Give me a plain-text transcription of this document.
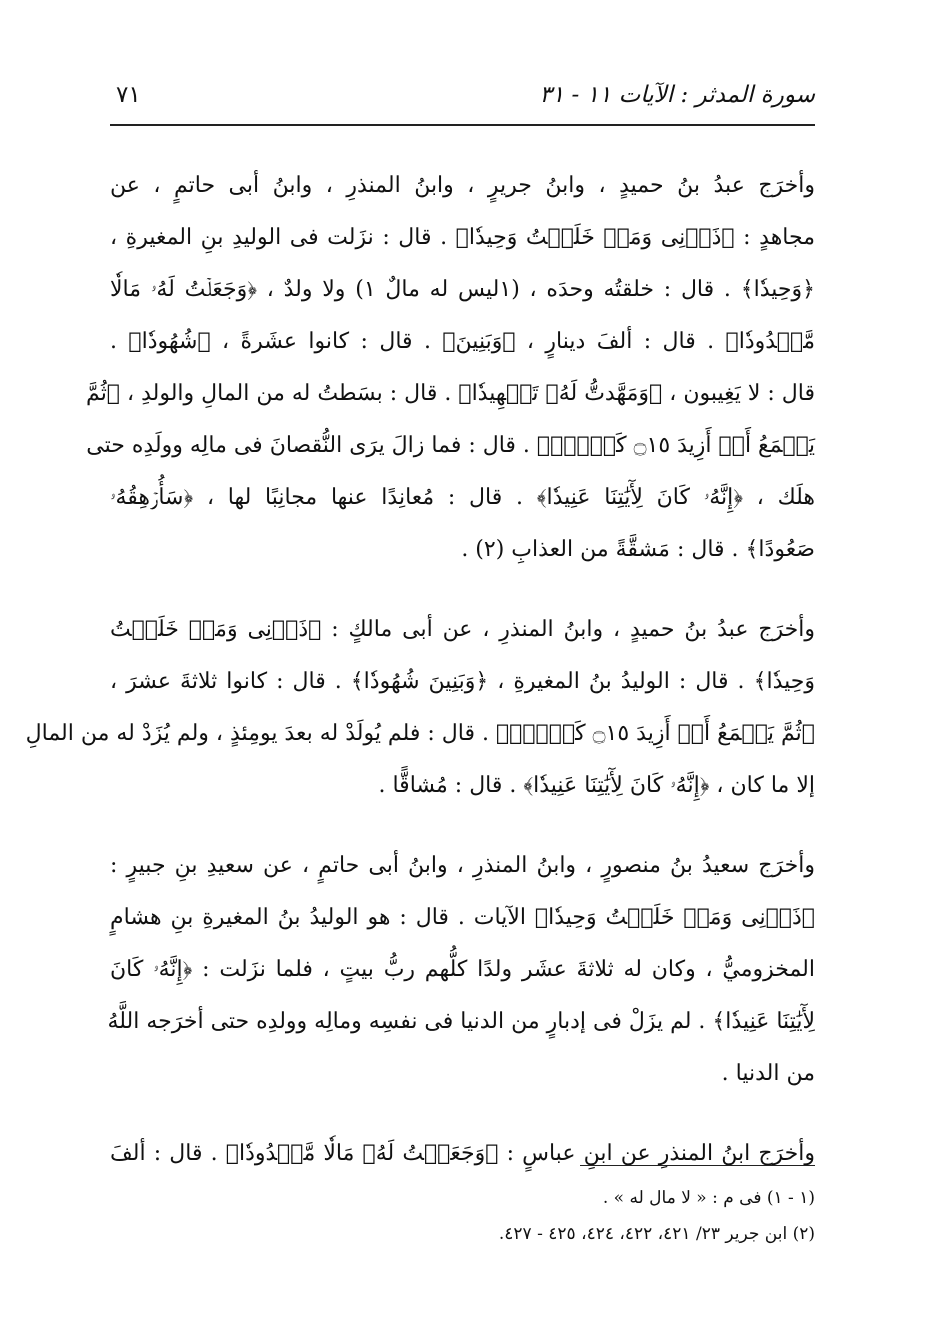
سورة المدثر : الآيات ١١ - ٣١
٧١
وأخرَج عبدُ بنُ حميدٍ ، وابنُ جريرٍ ، وابنُ المنذرِ ، وابنُ أبى حاتمٍ ، عن
مجاهدٍ : ﴿ذَرۡنِى وَمَنۡ خَلَقۡتُ وَحِيدٗا﴾ . قال : نزَلت فى الوليدِ بنِ المغيرةِ ،
﴿وَحِيدٗا﴾ . قال : خلقتُه وحدَه ، (١ليس له مالٌ ١) ولا ولدٌ ، ﴿وَجَعَلۡتُ لَهُۥ مَالٗا
مَّمۡدُودٗا﴾ . قال : ألفَ دينارٍ ، ﴿وَبَنِينَ﴾ . قال : كانوا عشَرةً ، ﴿شُهُودٗا﴾ .
قال : لا يَغِيبون ، ﴿وَمَهَّدتُّ لَهُۥ تَمۡهِيدٗا﴾ . قال : بسَطتُ له من المالِ والولدِ ، ﴿ثُمَّ
يَطۡمَعُ أَنۡ أَزِيدَ ۝١٥ كَلَّآۖ﴾ . قال : فما زالَ يرَى النُّقصانَ فى مالِه وولَدِه حتى
هلَك ، ﴿إِنَّهُۥ كَانَ لِأٓيَٰتِنَا عَنِيدٗا﴾ . قال : مُعانِدًا عنها مجانِبًا لها ، ﴿سَأُرۡهِقُهُۥ
صَعُودًا﴾ . قال : مَشقَّةً من العذابِ (٢) .
وأخرَج عبدُ بنُ حميدٍ ، وابنُ المنذرِ ، عن أبى مالكٍ : ﴿ذَرۡنِى وَمَنۡ خَلَقۡتُ
وَحِيدٗا﴾ . قال : الوليدُ بنُ المغيرةِ ، ﴿وَبَنِينَ شُهُودٗا﴾ . قال : كانوا ثلاثةَ عشرَ ،
﴿ثُمَّ يَطۡمَعُ أَنۡ أَزِيدَ ۝١٥ كَلَّآۖ﴾ . قال : فلم يُولَدْ له بعدَ يومِئذٍ ، ولم يُزَدْ له من المالِ
إلا ما كان ، ﴿إِنَّهُۥ كَانَ لِأٓيَٰتِنَا عَنِيدٗا﴾ . قال : مُشاقًّا .
وأخرَج سعيدُ بنُ منصورٍ ، وابنُ المنذرِ ، وابنُ أبى حاتمٍ ، عن سعيدِ بنِ جبيرٍ :
﴿ذَرۡنِى وَمَنۡ خَلَقۡتُ وَحِيدٗا﴾ الآيات . قال : هو الوليدُ بنُ المغيرةِ بنِ هشامٍ
المخزوميُّ ، وكان له ثلاثةَ عشَر ولدًا كلُّهم ربُّ بيتٍ ، فلما نزَلت : ﴿إِنَّهُۥ كَانَ
لِأٓيَٰتِنَا عَنِيدٗا﴾ . لم يزَلْ فى إدبارٍ من الدنيا فى نفسِه ومالِه وولدِه حتى أخرَجه اللَّهُ
من الدنيا .
وأخرَج ابنُ المنذرِ عن ابنِ عباسٍ : ﴿وَجَعَلۡتُ لَهُۥ مَالٗا مَّمۡدُودٗا﴾ . قال : ألفَ
(١ - ١) فى م : « لا مال له » .
(٢) ابن جرير ٢٣/ ٤٢١، ٤٢٢، ٤٢٤، ٤٢٥ - ٤٢٧.
